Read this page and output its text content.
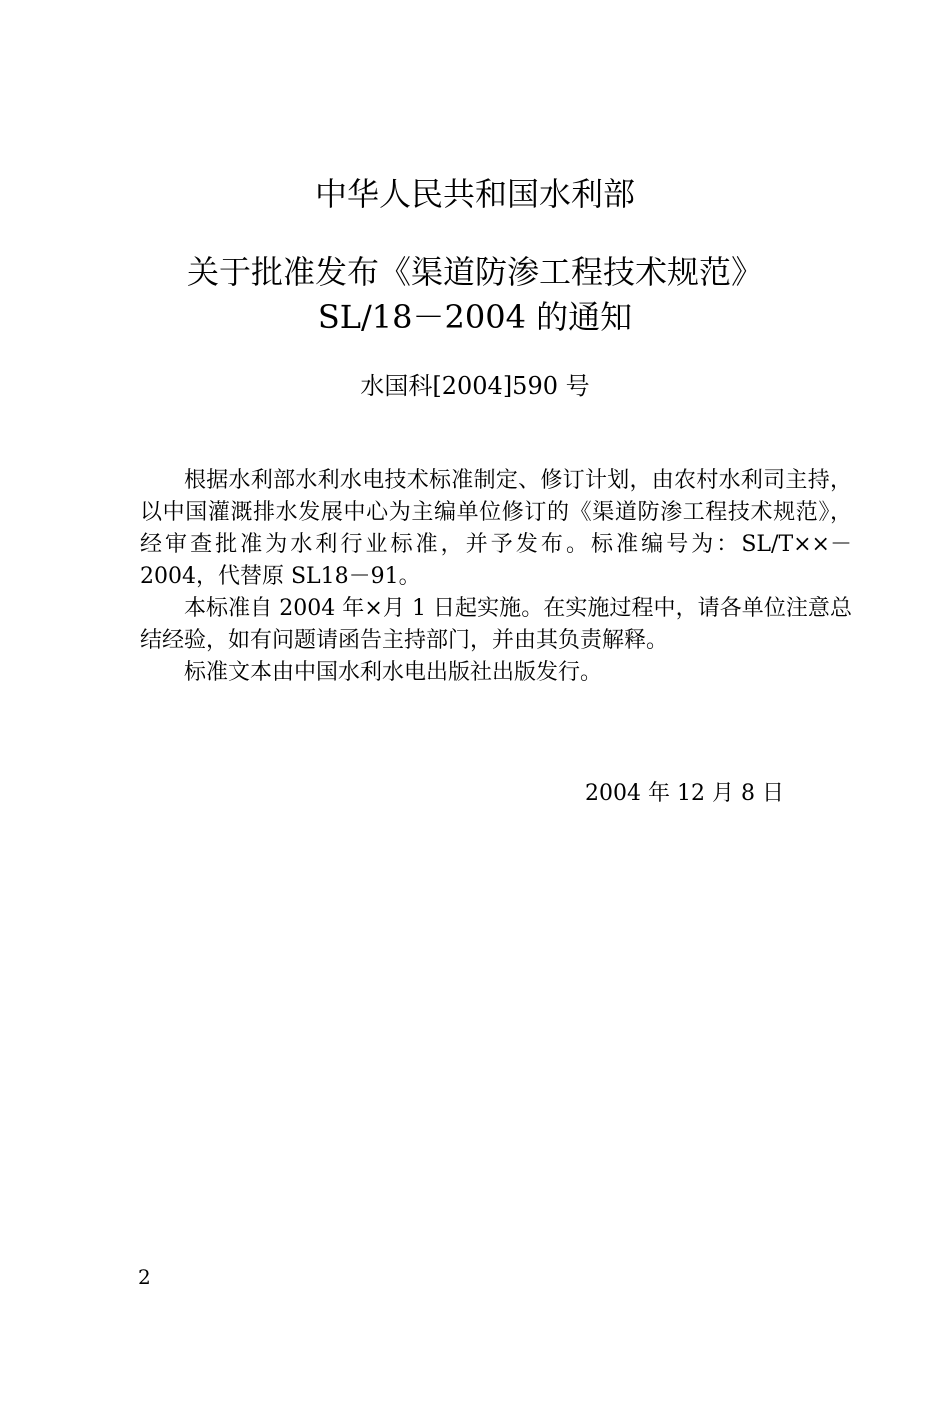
中华人民共和国水利部
关于批准发布《渠道防渗工程技术规范》
SL/18－2004 的通知
水国科[2004]590 号

根据水利部水利水电技术标准制定、修订计划，由农村水利司主持，以中国灌溉排水发展中心为主编单位修订的《渠道防渗工程技术规范》，经审查批准为水利行业标准，并予发布。标准编号为：SL/T××－2004，代替原 SL18－91。

本标准自 2004 年×月 1 日起实施。在实施过程中，请各单位注意总结经验，如有问题请函告主持部门，并由其负责解释。

标准文本由中国水利水电出版社出版发行。

2004 年 12 月 8 日
2
